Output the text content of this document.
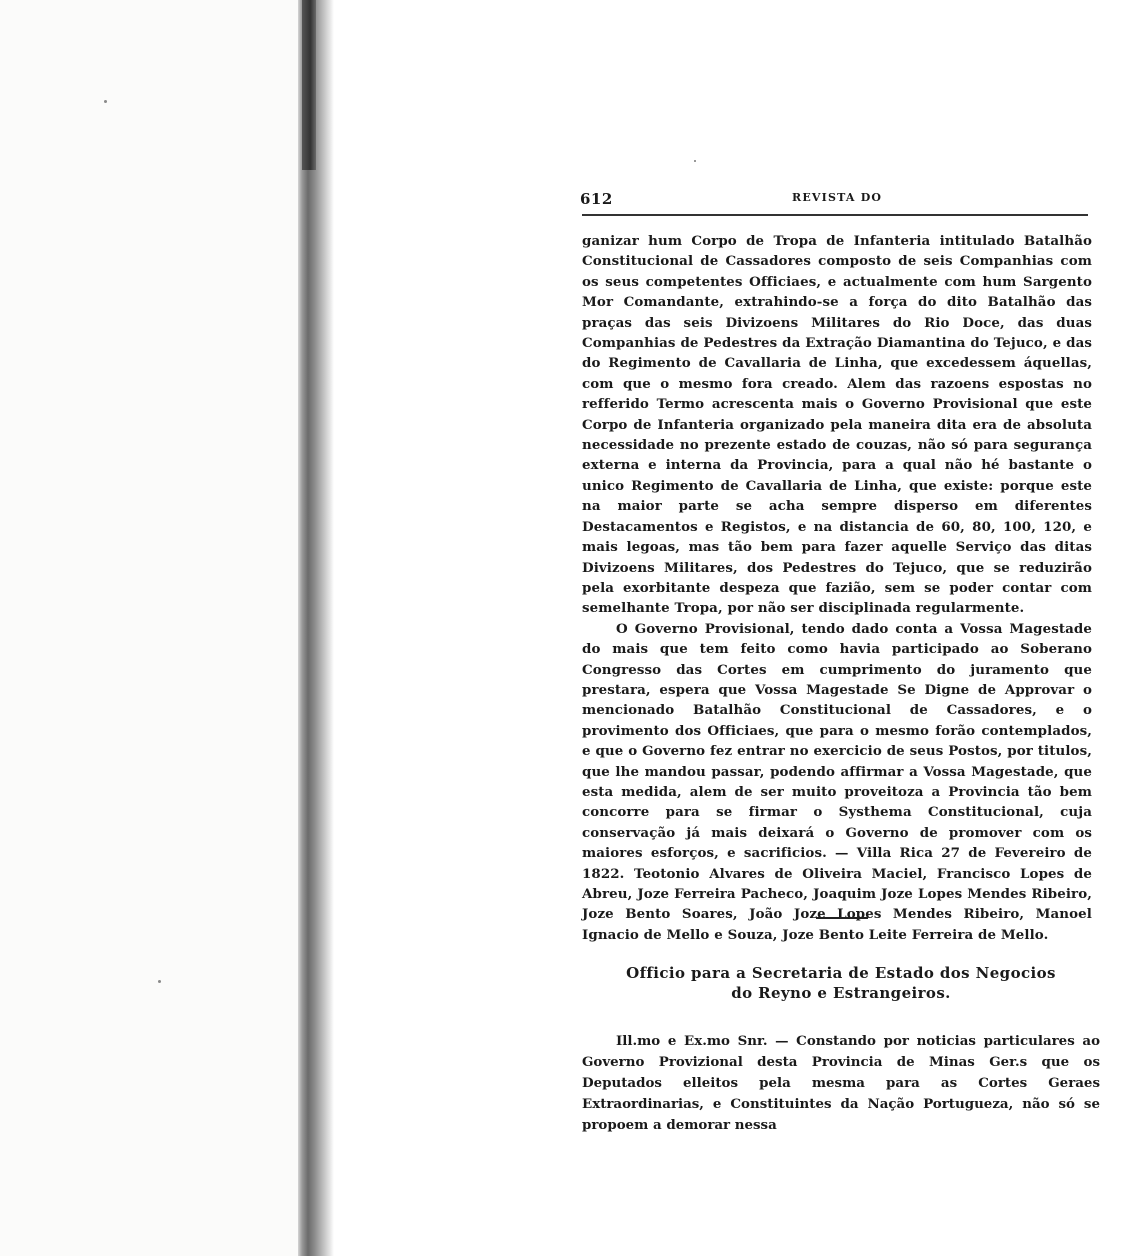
612	REVISTA DO

ganizar hum Corpo de Tropa de Infanteria intitulado Batalhão Constitucional de Cassadores composto de seis Companhias com os seus competentes Officiaes, e actualmente com hum Sargento Mor Comandante, extrahindo-se a força do dito Batalhão das praças das seis Divizoens Militares do Rio Doce, das duas Companhias de Pedestres da Extração Diamantina do Tejuco, e das do Regimento de Cavallaria de Linha, que excedessem áquellas, com que o mesmo fora creado. Alem das razoens espostas no refferido Termo acrescenta mais o Governo Provisional que este Corpo de Infanteria organizado pela maneira dita era de absoluta necessidade no prezente estado de couzas, não só para segurança externa e interna da Provincia, para a qual não hé bastante o unico Regimento de Cavallaria de Linha, que existe: porque este na maior parte se acha sempre disperso em diferentes Destacamentos e Registos, e na distancia de 60, 80, 100, 120, e mais legoas, mas tão bem para fazer aquelle Serviço das ditas Divizoens Militares, dos Pedestres do Tejuco, que se reduzirão pela exorbitante despeza que fazião, sem se poder contar com semelhante Tropa, por não ser disciplinada regularmente.

O Governo Provisional, tendo dado conta a Vossa Magestade do mais que tem feito como havia participado ao Soberano Congresso das Cortes em cumprimento do juramento que prestara, espera que Vossa Magestade Se Digne de Approvar o mencionado Batalhão Constitucional de Cassadores, e o provimento dos Officiaes, que para o mesmo forão contemplados, e que o Governo fez entrar no exercicio de seus Postos, por titulos, que lhe mandou passar, podendo affirmar a Vossa Magestade, que esta medida, alem de ser muito proveitoza a Provincia tão bem concorre para se firmar o Systhema Constitucional, cuja conservação já mais deixará o Governo de promover com os maiores esforços, e sacrificios. — Villa Rica 27 de Fevereiro de 1822. Teotonio Alvares de Oliveira Maciel, Francisco Lopes de Abreu, Joze Ferreira Pacheco, Joaquim Joze Lopes Mendes Ribeiro, Joze Bento Soares, João Joze Lopes Mendes Ribeiro, Manoel Ignacio de Mello e Souza, Joze Bento Leite Ferreira de Mello.

Officio para a Secretaria de Estado dos Negocios
do Reyno e Estrangeiros.

Ill.mo e Ex.mo Snr. — Constando por noticias particulares ao Governo Provizional desta Provincia de Minas Ger.s que os Deputados elleitos pela mesma para as Cortes Geraes Extraordinarias, e Constituintes da Nação Portugueza, não só se propoem a demorar nessa
